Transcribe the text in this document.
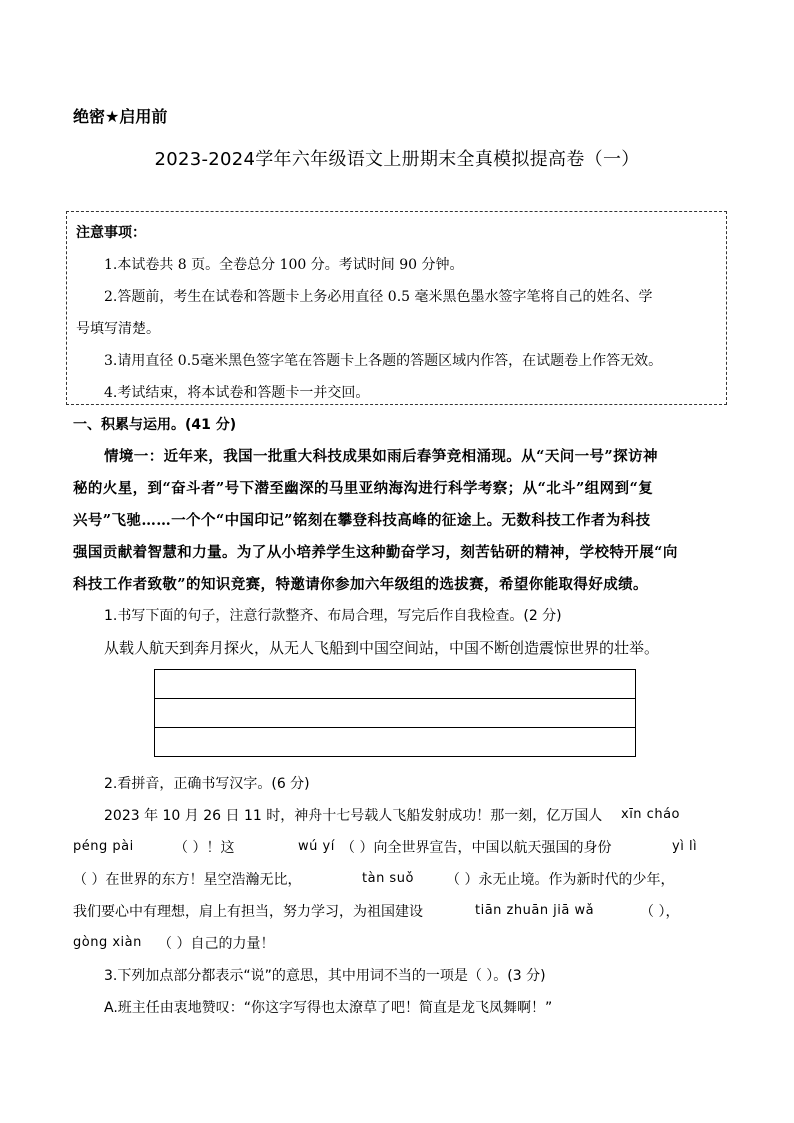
绝密★启用前
2023-2024学年六年级语文上册期末全真模拟提高卷（一）
注意事项：
1.本试卷共 8 页。全卷总分 100 分。考试时间 90 分钟。
2.答题前，考生在试卷和答题卡上务必用直径 0.5 毫米黑色墨水签字笔将自己的姓名、学
号填写清楚。
3.请用直径 0.5毫米黑色签字笔在答题卡上各题的答题区域内作答，在试题卷上作答无效。
4.考试结束，将本试卷和答题卡一并交回。
一、积累与运用。(41 分)
情境一：近年来，我国一批重大科技成果如雨后春笋竞相涌现。从“天问一号”探访神
秘的火星，到“奋斗者”号下潜至幽深的马里亚纳海沟进行科学考察；从“北斗”组网到“复
兴号”飞驰……一个个“中国印记”铭刻在攀登科技高峰的征途上。无数科技工作者为科技
强国贡献着智慧和力量。为了从小培养学生这种勤奋学习，刻苦钻研的精神，学校特开展“向
科技工作者致敬”的知识竞赛，特邀请你参加六年级组的选拔赛，希望你能取得好成绩。
1.书写下面的句子，注意行款整齐、布局合理，写完后作自我检查。(2 分)
从载人航天到奔月探火，从无人飞船到中国空间站，中国不断创造震惊世界的壮举。
2.看拼音，正确书写汉字。(6 分)
2023 年 10 月 26 日 11 时，神舟十七号载人飞船发射成功！那一刻，亿万国人 xīn cháo
péng pài	（ ）！这	wú yí （ ）向全世界宣告，中国以航天强国的身份	yì lì
（ ）在世界的东方！星空浩瀚无比，	tàn suǒ （ ）永无止境。作为新时代的少年，
我们要心中有理想，肩上有担当，努力学习，为祖国建设	tiān zhuān jiā wǎ	（ ），
gòng xiàn （ ）自己的力量！
3.下列加点部分都表示“说”的意思，其中用词不当的一项是（ ）。(3 分)
A.班主任由衷地赞叹：“你这字写得也太潦草了吧！简直是龙飞凤舞啊！”
